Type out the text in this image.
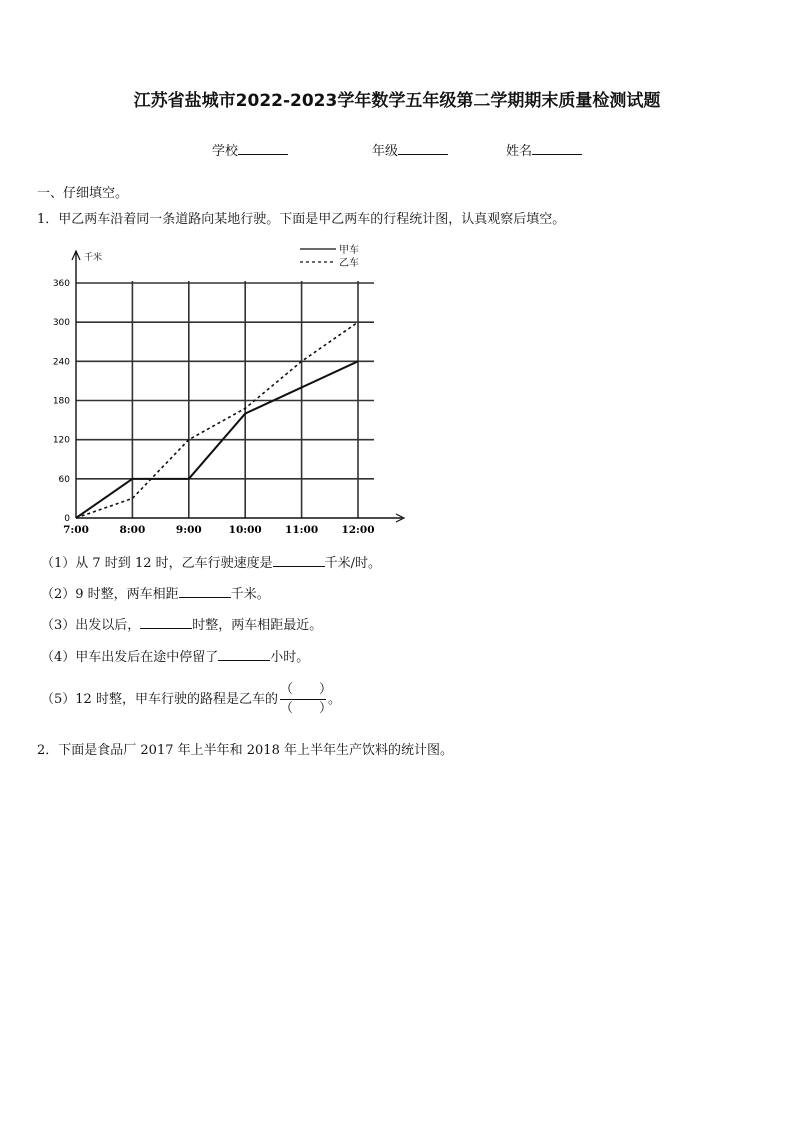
江苏省盐城市2022-2023学年数学五年级第二学期期末质量检测试题
学校	年级	姓名
一、仔细填空。
1．甲乙两车沿着同一条道路向某地行驶。下面是甲乙两车的行程统计图，认真观察后填空。
千米
0
60
120
180
240
300
360
7:00	8:00	9:00	10:00 11:00 12:00
甲车
乙车
（1）从 7 时到 12 时，乙车行驶速度是	千米/时。
（2）9 时整，两车相距	千米。
（3）出发以后，	时整，两车相距最近。
（4）甲车出发后在途中停留了	小时。
（5）12 时整，甲车行驶的路程是乙车的 $\frac{( )}{( )}$ 。
2．下面是食品厂 2017 年上半年和 2018 年上半年生产饮料的统计图。
